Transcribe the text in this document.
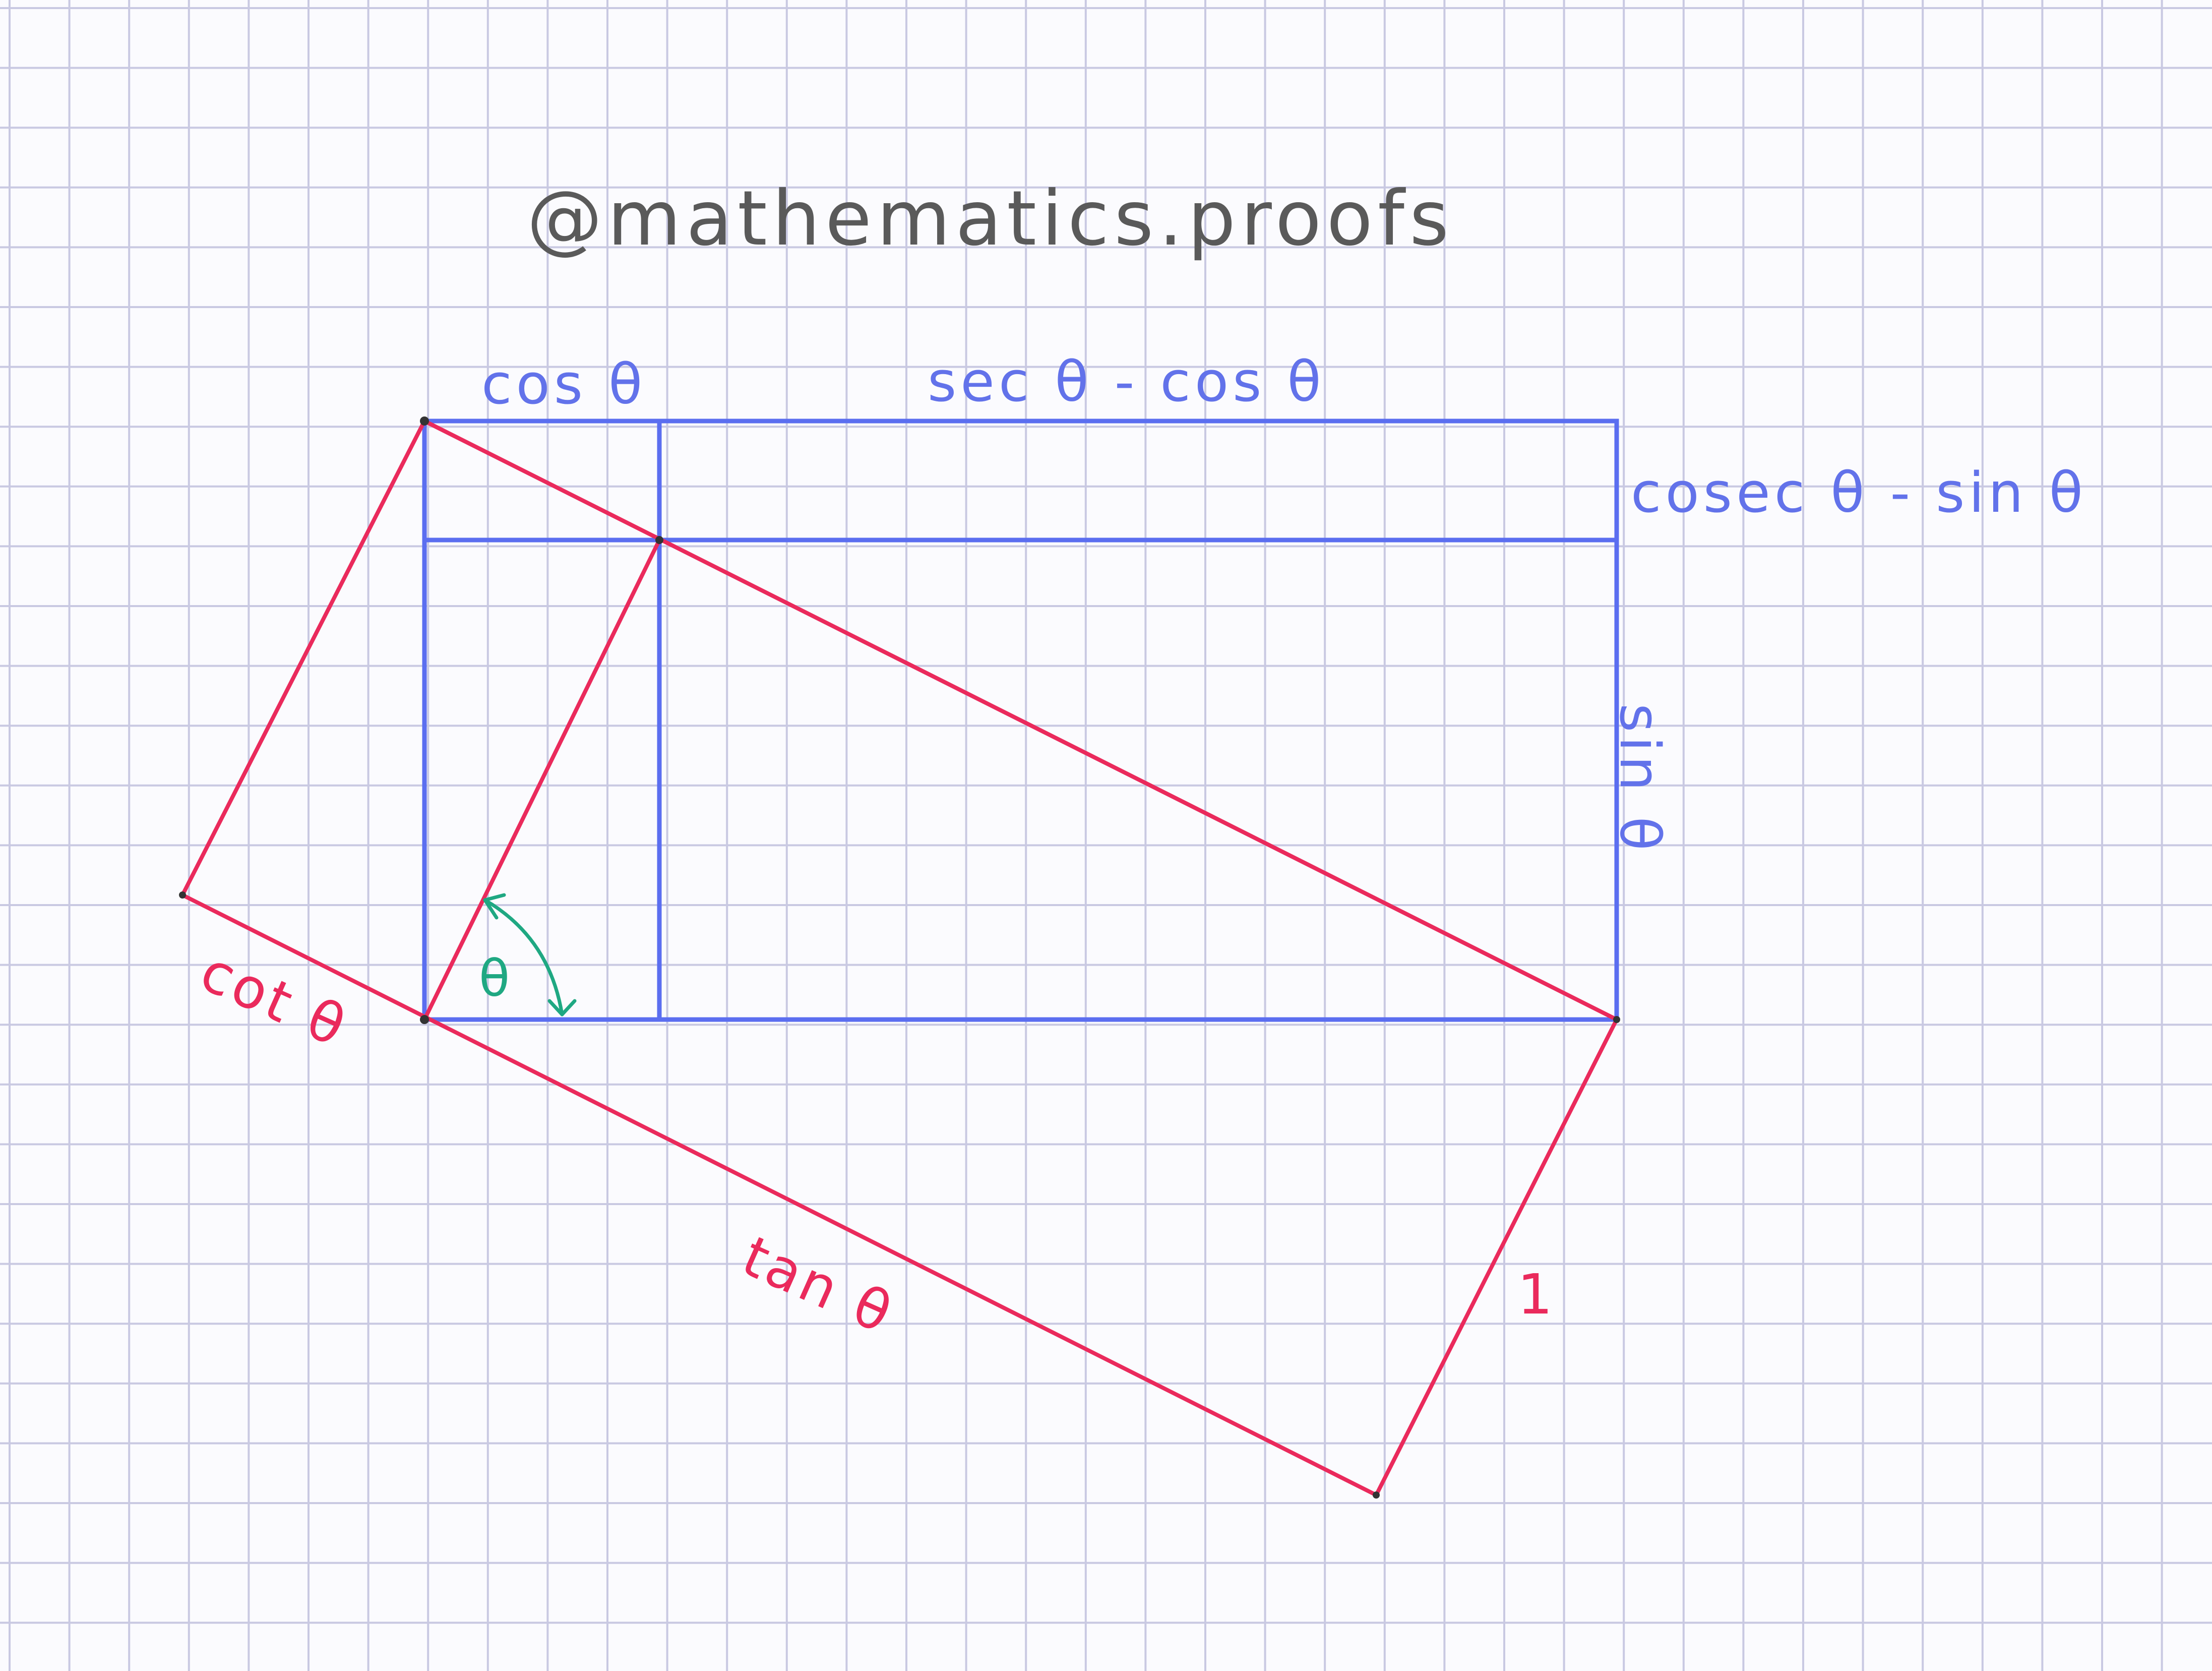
@mathematics.proofs
θ
cos θ	sec θ - cos θ
cosec θ - sin θ
sin θ
cot θ
tan θ	1
